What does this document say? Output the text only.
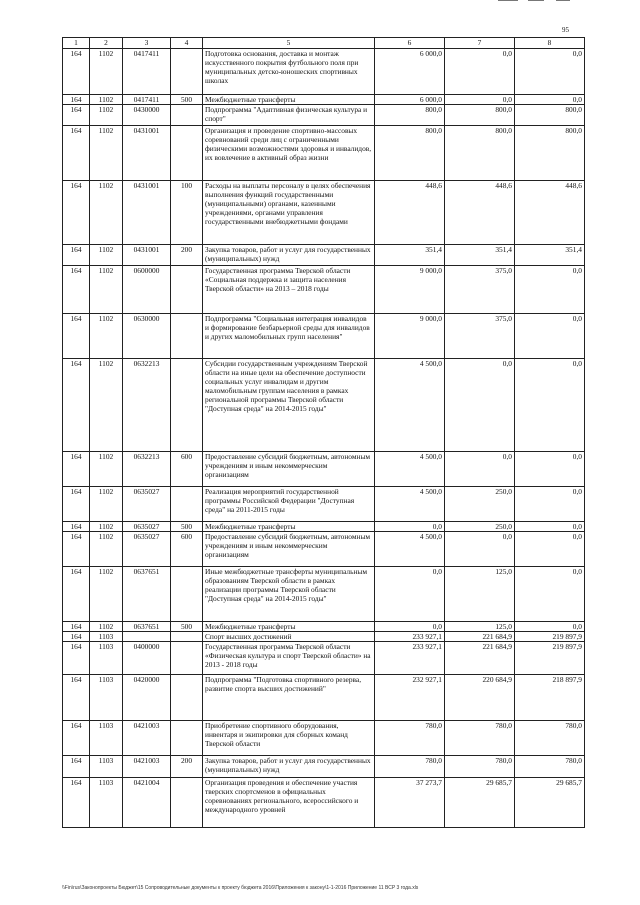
95
1	2	3	4	5	6	7	8
164	1102	0417411		Подготовка основания, доставка и монтаж искусственного покрытия футбольного поля при муниципальных детско-юношеских спортивных школах	6 000,0	0,0	0,0
164	1102	0417411	500	Межбюджетные трансферты	6 000,0	0,0	0,0
164	1102	0430000		Подпрограмма "Адаптивная физическая культура и спорт"	800,0	800,0	800,0
164	1102	0431001		Организация и проведение спортивно-массовых соревнований среди лиц с ограниченными физическими возможностями здоровья и инвалидов, их вовлечение в активный образ жизни	800,0	800,0	800,0
164	1102	0431001	100	Расходы на выплаты персоналу в целях обеспечения выполнения функций государственными (муниципальными) органами, казенными учреждениями, органами управления государственными внебюджетными фондами	448,6	448,6	448,6
164	1102	0431001	200	Закупка товаров, работ и услуг для государственных (муниципальных) нужд	351,4	351,4	351,4
164	1102	0600000		Государственная программа Тверской области «Социальная поддержка и защита населения Тверской области» на 2013 – 2018 годы	9 000,0	375,0	0,0
164	1102	0630000		Подпрограмма "Социальная интеграция инвалидов и формирование безбарьерной среды для инвалидов и других маломобильных групп населения"	9 000,0	375,0	0,0
164	1102	0632213		Субсидии государственным учреждениям Тверской области на иные цели на обеспечение доступности социальных услуг инвалидам и другим маломобильным группам населения в рамках региональной программы Тверской области "Доступная среда" на 2014-2015 годы"	4 500,0	0,0	0,0
164	1102	0632213	600	Предоставление субсидий бюджетным, автономным учреждениям и иным некоммерческим организациям	4 500,0	0,0	0,0
164	1102	0635027		Реализация мероприятий государственной программы Российской Федерации "Доступная среда" на 2011-2015 годы	4 500,0	250,0	0,0
164	1102	0635027	500	Межбюджетные трансферты	0,0	250,0	0,0
164	1102	0635027	600	Предоставление субсидий бюджетным, автономным учреждениям и иным некоммерческим организациям	4 500,0	0,0	0,0
164	1102	0637651		Иные межбюджетные трансферты муниципальным образованиям Тверской области в рамках реализации программы Тверской области "Доступная среда" на 2014-2015 годы"	0,0	125,0	0,0
164	1102	0637651	500	Межбюджетные трансферты	0,0	125,0	0,0
164	1103			Спорт высших достижений	233 927,1	221 684,9	219 897,9
164	1103	0400000		Государственная программа Тверской области «Физическая культура и спорт Тверской области» на 2013 - 2018 годы	233 927,1	221 684,9	219 897,9
164	1103	0420000		Подпрограмма "Подготовка спортивного резерва, развитие спорта высших достижений"	232 927,1	220 684,9	218 897,9
164	1103	0421003		Приобретение спортивного оборудования, инвентаря и экипировки для сборных команд Тверской области	780,0	780,0	780,0
164	1103	0421003	200	Закупка товаров, работ и услуг для государственных (муниципальных) нужд	780,0	780,0	780,0
164	1103	0421004		Организация проведения и обеспечение участия тверских спортсменов в официальных соревнованиях регионального, всероссийского и международного уровней	37 273,7	29 685,7	29 685,7
\\Fin\rus\Законопроекты Бюджет\15 Сопроводительные документы к проекту бюджета 2016\Приложения к закону\1-1-2016 Приложение 11 ВСР 3 года.xls
